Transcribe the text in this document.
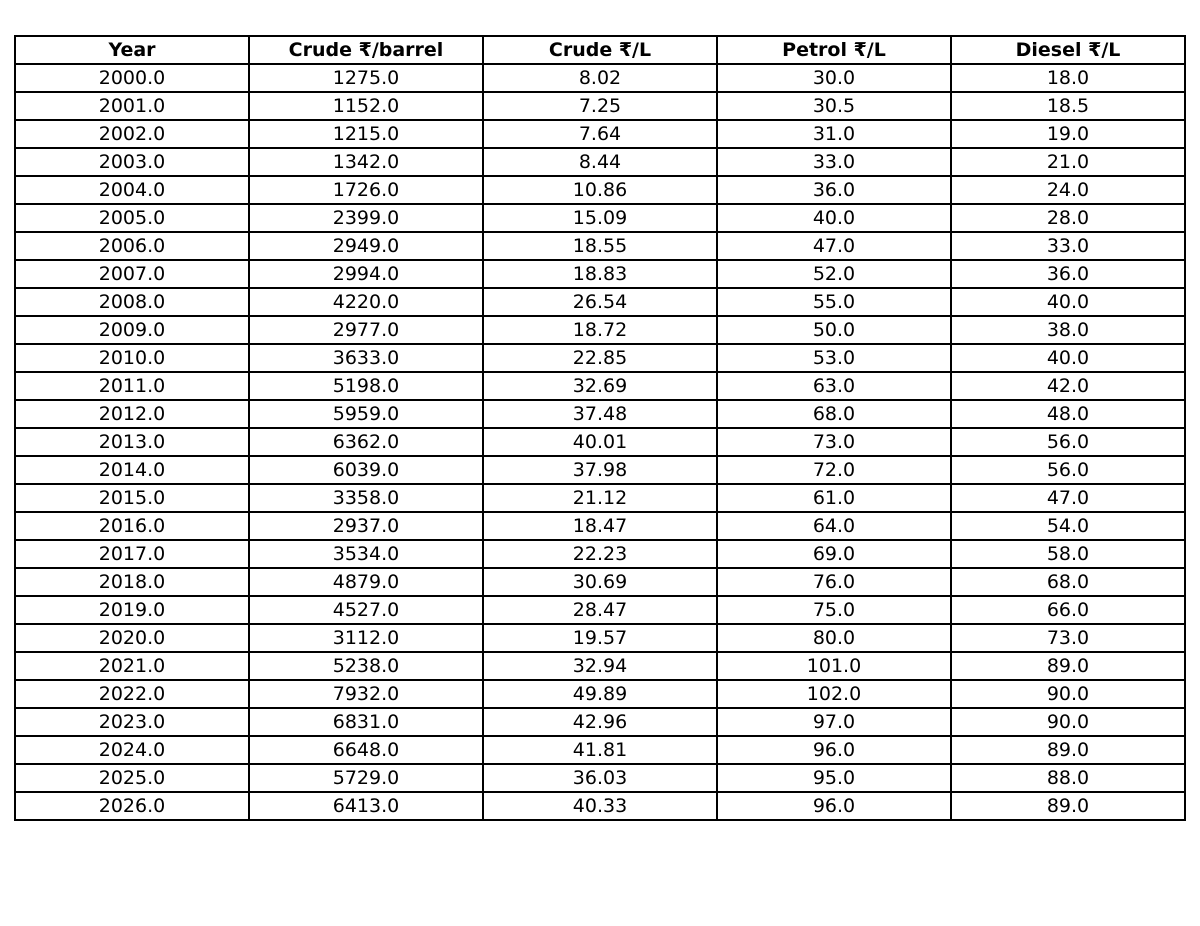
Year	Crude ₹/barrel	Crude ₹/L	Petrol ₹/L	Diesel ₹/L
2000.0	1275.0	8.02	30.0	18.0
2001.0	1152.0	7.25	30.5	18.5
2002.0	1215.0	7.64	31.0	19.0
2003.0	1342.0	8.44	33.0	21.0
2004.0	1726.0	10.86	36.0	24.0
2005.0	2399.0	15.09	40.0	28.0
2006.0	2949.0	18.55	47.0	33.0
2007.0	2994.0	18.83	52.0	36.0
2008.0	4220.0	26.54	55.0	40.0
2009.0	2977.0	18.72	50.0	38.0
2010.0	3633.0	22.85	53.0	40.0
2011.0	5198.0	32.69	63.0	42.0
2012.0	5959.0	37.48	68.0	48.0
2013.0	6362.0	40.01	73.0	56.0
2014.0	6039.0	37.98	72.0	56.0
2015.0	3358.0	21.12	61.0	47.0
2016.0	2937.0	18.47	64.0	54.0
2017.0	3534.0	22.23	69.0	58.0
2018.0	4879.0	30.69	76.0	68.0
2019.0	4527.0	28.47	75.0	66.0
2020.0	3112.0	19.57	80.0	73.0
2021.0	5238.0	32.94	101.0	89.0
2022.0	7932.0	49.89	102.0	90.0
2023.0	6831.0	42.96	97.0	90.0
2024.0	6648.0	41.81	96.0	89.0
2025.0	5729.0	36.03	95.0	88.0
2026.0	6413.0	40.33	96.0	89.0
